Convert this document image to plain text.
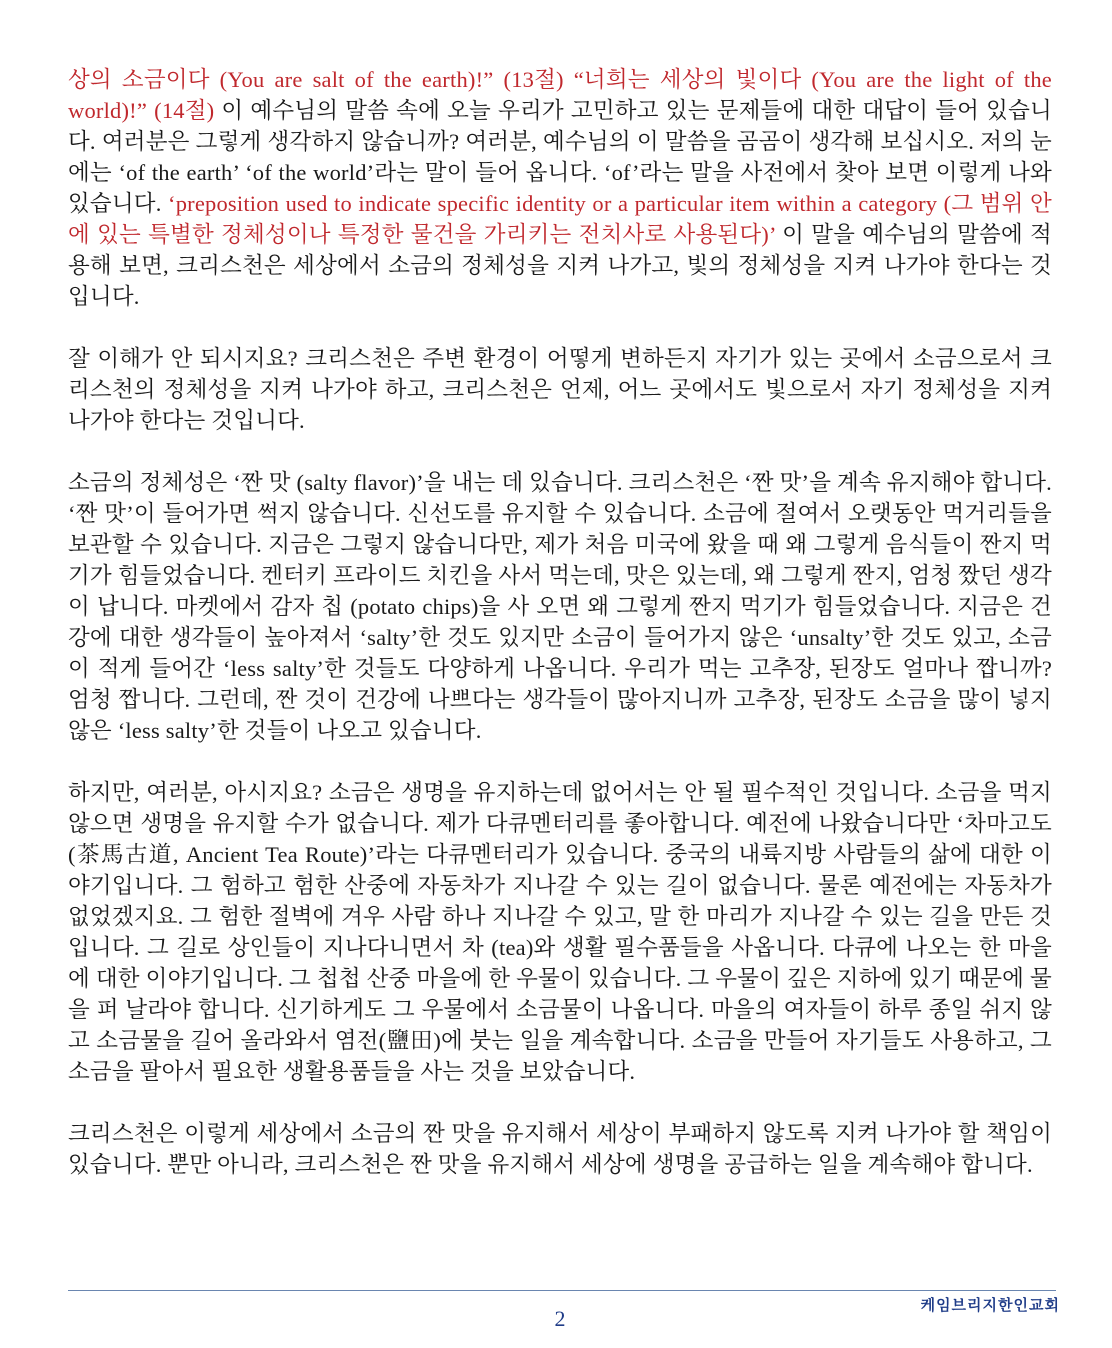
상의 소금이다 (You are salt of the earth)!” (13절) “너희는 세상의 빛이다 (You are the light of the world)!” (14절) 이 예수님의 말씀 속에 오늘 우리가 고민하고 있는 문제들에 대한 대답이 들어 있습니다. 여러분은 그렇게 생각하지 않습니까? 여러분, 예수님의 이 말씀을 곰곰이 생각해 보십시오. 저의 눈에는 ‘of the earth’ ‘of the world’라는 말이 들어 옵니다. ‘of’라는 말을 사전에서 찾아 보면 이렇게 나와 있습니다. ‘preposition used to indicate specific identity or a particular item within a category (그 범위 안에 있는 특별한 정체성이나 특정한 물건을 가리키는 전치사로 사용된다)’ 이 말을 예수님의 말씀에 적용해 보면, 크리스천은 세상에서 소금의 정체성을 지켜 나가고, 빛의 정체성을 지켜 나가야 한다는 것입니다.

잘 이해가 안 되시지요? 크리스천은 주변 환경이 어떻게 변하든지 자기가 있는 곳에서 소금으로서 크리스천의 정체성을 지켜 나가야 하고, 크리스천은 언제, 어느 곳에서도 빛으로서 자기 정체성을 지켜 나가야 한다는 것입니다.

소금의 정체성은 ‘짠 맛 (salty flavor)’을 내는 데 있습니다. 크리스천은 ‘짠 맛’을 계속 유지해야 합니다. ‘짠 맛’이 들어가면 썩지 않습니다. 신선도를 유지할 수 있습니다. 소금에 절여서 오랫동안 먹거리들을 보관할 수 있습니다. 지금은 그렇지 않습니다만, 제가 처음 미국에 왔을 때 왜 그렇게 음식들이 짠지 먹기가 힘들었습니다. 켄터키 프라이드 치킨을 사서 먹는데, 맛은 있는데, 왜 그렇게 짠지, 엄청 짰던 생각이 납니다. 마켓에서 감자 칩 (potato chips)을 사 오면 왜 그렇게 짠지 먹기가 힘들었습니다. 지금은 건강에 대한 생각들이 높아져서 ‘salty’한 것도 있지만 소금이 들어가지 않은 ‘unsalty’한 것도 있고, 소금이 적게 들어간 ‘less salty’한 것들도 다양하게 나옵니다. 우리가 먹는 고추장, 된장도 얼마나 짭니까? 엄청 짭니다. 그런데, 짠 것이 건강에 나쁘다는 생각들이 많아지니까 고추장, 된장도 소금을 많이 넣지 않은 ‘less salty’한 것들이 나오고 있습니다.

하지만, 여러분, 아시지요? 소금은 생명을 유지하는데 없어서는 안 될 필수적인 것입니다. 소금을 먹지 않으면 생명을 유지할 수가 없습니다. 제가 다큐멘터리를 좋아합니다. 예전에 나왔습니다만 ‘차마고도 (茶馬古道, Ancient Tea Route)’라는 다큐멘터리가 있습니다. 중국의 내륙지방 사람들의 삶에 대한 이야기입니다. 그 험하고 험한 산중에 자동차가 지나갈 수 있는 길이 없습니다. 물론 예전에는 자동차가 없었겠지요. 그 험한 절벽에 겨우 사람 하나 지나갈 수 있고, 말 한 마리가 지나갈 수 있는 길을 만든 것입니다. 그 길로 상인들이 지나다니면서 차 (tea)와 생활 필수품들을 사옵니다. 다큐에 나오는 한 마을에 대한 이야기입니다. 그 첩첩 산중 마을에 한 우물이 있습니다. 그 우물이 깊은 지하에 있기 때문에 물을 퍼 날라야 합니다. 신기하게도 그 우물에서 소금물이 나옵니다. 마을의 여자들이 하루 종일 쉬지 않고 소금물을 길어 올라와서 염전(鹽田)에 붓는 일을 계속합니다. 소금을 만들어 자기들도 사용하고, 그 소금을 팔아서 필요한 생활용품들을 사는 것을 보았습니다.

크리스천은 이렇게 세상에서 소금의 짠 맛을 유지해서 세상이 부패하지 않도록 지켜 나가야 할 책임이 있습니다. 뿐만 아니라, 크리스천은 짠 맛을 유지해서 세상에 생명을 공급하는 일을 계속해야 합니다.

2
케임브리지한인교회
